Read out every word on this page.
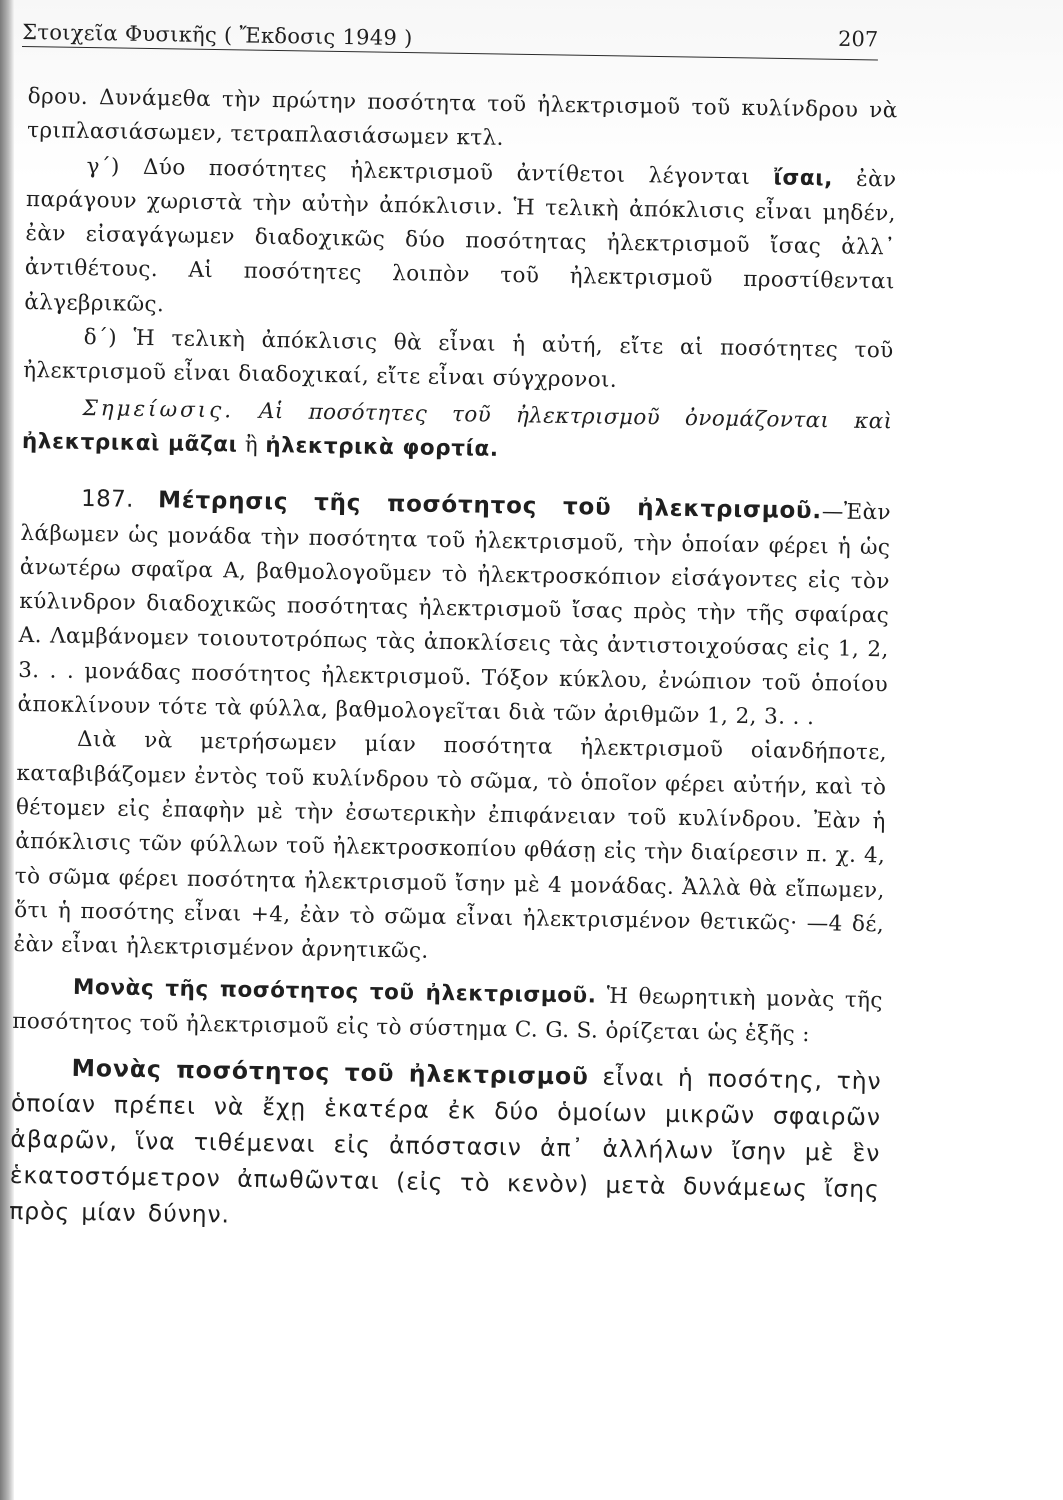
Στοιχεῖα Φυσικῆς ( Ἔκδοσις 1949 )	207

δρου. Δυνάμεθα τὴν πρώτην ποσότητα τοῦ ἠλεκτρισμοῦ τοῦ κυλίνδρου νὰ τριπλασιάσωμεν, τετραπλασιάσωμεν κτλ.

γ΄) Δύο ποσότητες ἠλεκτρισμοῦ ἀντίθετοι λέγονται ἴσαι, ἐὰν παράγουν χωριστὰ τὴν αὐτὴν ἀπόκλισιν. Ἡ τελικὴ ἀπόκλισις εἶναι μηδέν, ἐὰν εἰσαγάγωμεν διαδοχικῶς δύο ποσότητας ἠλεκτρισμοῦ ἴσας ἀλλ᾽ ἀντιθέτους. Αἱ ποσότητες λοιπὸν τοῦ ἠλεκτρισμοῦ προστίθενται ἀλγεβρικῶς.

δ΄) Ἡ τελικὴ ἀπόκλισις θὰ εἶναι ἡ αὐτή, εἴτε αἱ ποσότητες τοῦ ἠλεκτρισμοῦ εἶναι διαδοχικαί, εἴτε εἶναι σύγχρονοι.

Σημείωσις. Αἱ ποσότητες τοῦ ἠλεκτρισμοῦ ὀνομάζονται καὶ ἠλεκτρικαὶ μᾶζαι ἢ ἠλεκτρικὰ φορτία.

187. Μέτρησις τῆς ποσότητος τοῦ ἠλεκτρισμοῦ.—Ἐὰν λάβωμεν ὡς μονάδα τὴν ποσότητα τοῦ ἠλεκτρισμοῦ, τὴν ὁποίαν φέρει ἡ ὡς ἀνωτέρω σφαῖρα Α, βαθμολογοῦμεν τὸ ἠλεκτροσκόπιον εἰσάγοντες εἰς τὸν κύλινδρον διαδοχικῶς ποσότητας ἠλεκτρισμοῦ ἴσας πρὸς τὴν τῆς σφαίρας Α. Λαμβάνομεν τοιουτοτρόπως τὰς ἀποκλίσεις τὰς ἀντιστοιχούσας εἰς 1, 2, 3. . . μονάδας ποσότητος ἠλεκτρισμοῦ. Τόξον κύκλου, ἐνώπιον τοῦ ὁποίου ἀποκλίνουν τότε τὰ φύλλα, βαθμολογεῖται διὰ τῶν ἀριθμῶν 1, 2, 3. . .

Διὰ νὰ μετρήσωμεν μίαν ποσότητα ἠλεκτρισμοῦ οἱανδήποτε, καταβιβάζομεν ἐντὸς τοῦ κυλίνδρου τὸ σῶμα, τὸ ὁποῖον φέρει αὐτήν, καὶ τὸ θέτομεν εἰς ἐπαφὴν μὲ τὴν ἐσωτερικὴν ἐπιφάνειαν τοῦ κυλίνδρου. Ἐὰν ἡ ἀπόκλισις τῶν φύλλων τοῦ ἠλεκτροσκοπίου φθάσῃ εἰς τὴν διαίρεσιν π. χ. 4, τὸ σῶμα φέρει ποσότητα ἠλεκτρισμοῦ ἴσην μὲ 4 μονάδας. Ἀλλὰ θὰ εἴπωμεν, ὅτι ἡ ποσότης εἶναι +4, ἐὰν τὸ σῶμα εἶναι ἠλεκτρισμένον θετικῶς· —4 δέ, ἐὰν εἶναι ἠλεκτρισμένον ἀρνητικῶς.

Μονὰς τῆς ποσότητος τοῦ ἠλεκτρισμοῦ. Ἡ θεωρητικὴ μονὰς τῆς ποσότητος τοῦ ἠλεκτρισμοῦ εἰς τὸ σύστημα C. G. S. ὁρίζεται ὡς ἑξῆς :

Μονὰς ποσότητος τοῦ ἠλεκτρισμοῦ εἶναι ἡ ποσότης, τὴν ὁποίαν πρέπει νὰ ἔχῃ ἑκατέρα ἐκ δύο ὁμοίων μικρῶν σφαιρῶν ἀβαρῶν, ἵνα τιθέμεναι εἰς ἀπόστασιν ἀπ᾽ ἀλλήλων ἴσην μὲ ἓν ἑκατοστόμετρον ἀπωθῶνται (εἰς τὸ κενὸν) μετὰ δυνάμεως ἴσης πρὸς μίαν δύνην.
